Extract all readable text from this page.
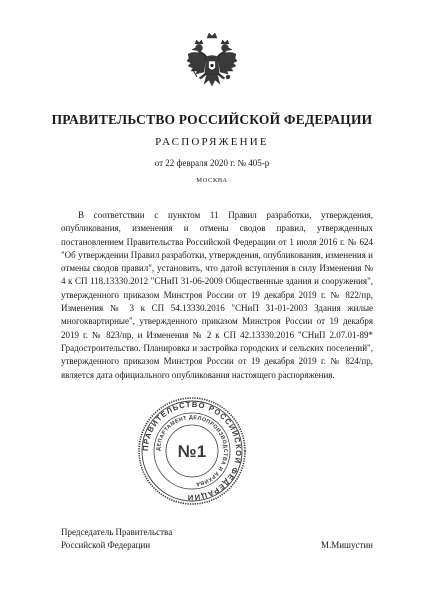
ПРАВИТЕЛЬСТВО РОССИЙСКОЙ ФЕДЕРАЦИИ
РАСПОРЯЖЕНИЕ
от 22 февраля 2020 г. № 405-р
МОСКВА

В соответствии с пунктом 11 Правил разработки, утверждения, опубликования, изменения и отмены сводов правил, утвержденных постановлением Правительства Российской Федерации от 1 июля 2016 г. № 624 "Об утверждении Правил разработки, утверждения, опубликования, изменения и отмены сводов правил", установить, что датой вступления в силу Изменения № 4 к СП 118.13330.2012 "СНиП 31-06-2009 Общественные здания и сооружения", утвержденного приказом Минстроя России от 19 декабря 2019 г. № 822/пр, Изменения № 3 к СП 54.13330.2016 "СНиП 31-01-2003 Здания жилые многоквартирные", утвержденного приказом Минстроя России от 19 декабря 2019 г. № 823/пр, и Изменения № 2 к СП 42.13330.2016 "СНиП 2.07.01-89* Градостроительство. Планировка и застройка городских и сельских поселений", утвержденного приказом Минстроя России от 19 декабря 2019 г. № 824/пр, является дата официального опубликования настоящего распоряжения.

Председатель Правительства
Российской Федерации	М.Мишустин
ПРАВИТЕЛЬСТВО РОССИЙСКОЙ ФЕДЕРАЦИИ
ДЕПАРТАМЕНТ ДЕЛОПРОИЗВОДСТВА И АРХИВА
№1
